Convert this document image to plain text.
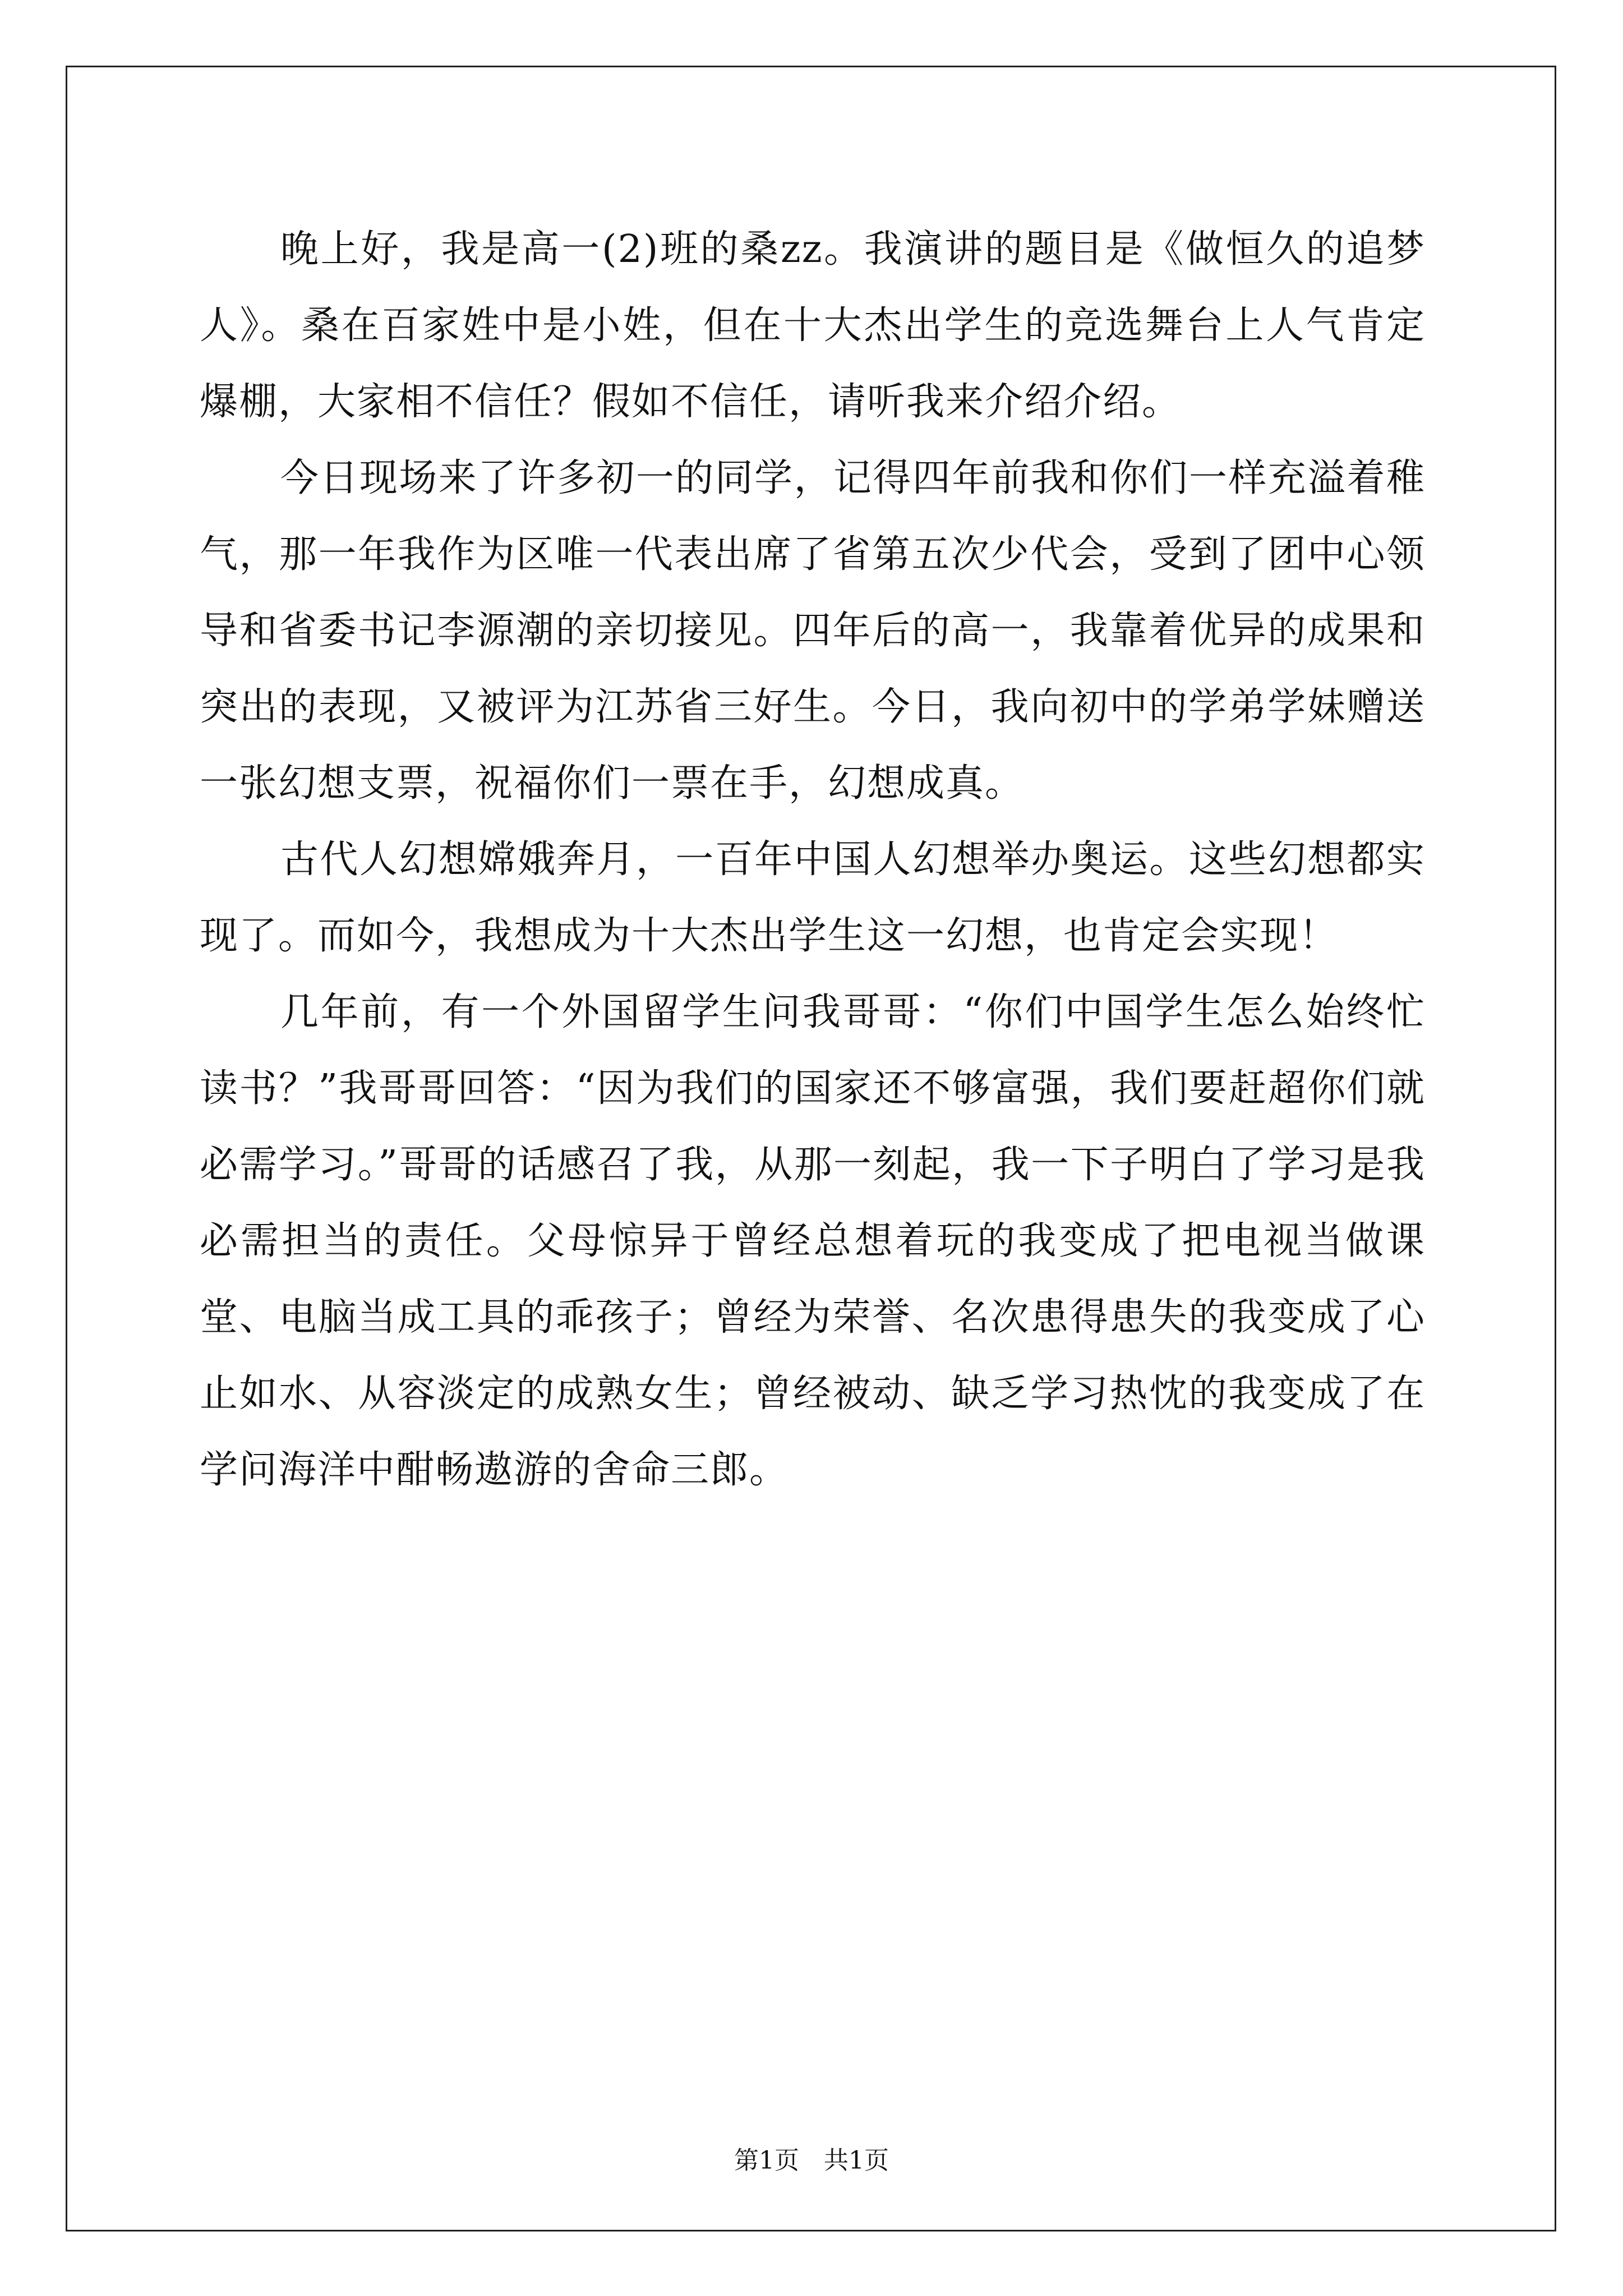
晚上好，我是高一(2)班的桑zz。我演讲的题目是《做恒久的追梦人》。桑在百家姓中是小姓，但在十大杰出学生的竞选舞台上人气肯定爆棚，大家相不信任？假如不信任，请听我来介绍介绍。

今日现场来了许多初一的同学，记得四年前我和你们一样充溢着稚气，那一年我作为区唯一代表出席了省第五次少代会，受到了团中心领导和省委书记李源潮的亲切接见。四年后的高一，我靠着优异的成果和突出的表现，又被评为江苏省三好生。今日，我向初中的学弟学妹赠送一张幻想支票，祝福你们一票在手，幻想成真。

古代人幻想嫦娥奔月，一百年中国人幻想举办奥运。这些幻想都实现了。而如今，我想成为十大杰出学生这一幻想，也肯定会实现！

几年前，有一个外国留学生问我哥哥：“你们中国学生怎么始终忙读书？”我哥哥回答：“因为我们的国家还不够富强，我们要赶超你们就必需学习。”哥哥的话感召了我，从那一刻起，我一下子明白了学习是我必需担当的责任。父母惊异于曾经总想着玩的我变成了把电视当做课堂、电脑当成工具的乖孩子；曾经为荣誉、名次患得患失的我变成了心止如水、从容淡定的成熟女生；曾经被动、缺乏学习热忱的我变成了在学问海洋中酣畅遨游的舍命三郎。

第1页　共1页
